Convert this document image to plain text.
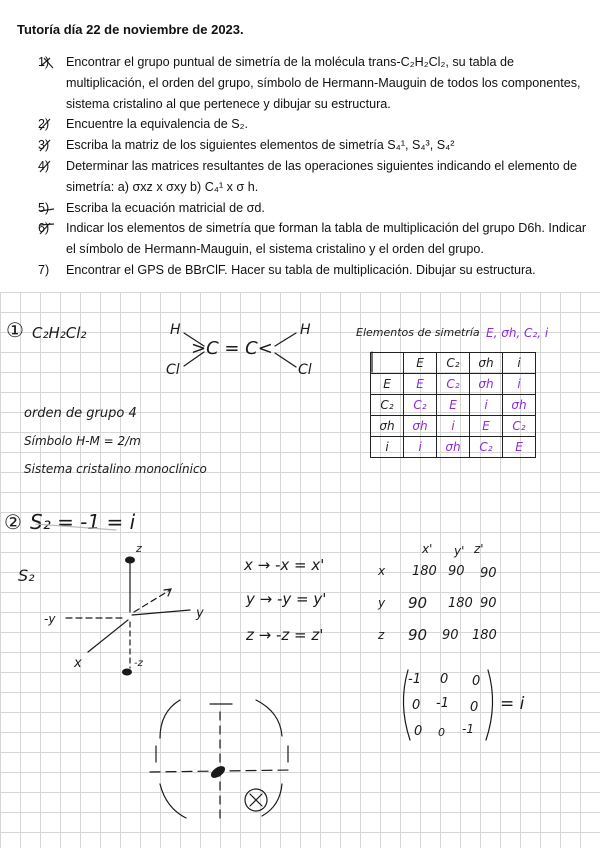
Tutoría día 22 de noviembre de 2023.
1) Encontrar el grupo puntual de simetría de la molécula trans-C₂H₂Cl₂, su tabla de multiplicación, el orden del grupo, símbolo de Hermann-Mauguin de todos los componentes, sistema cristalino al que pertenece y dibujar su estructura.
2) Encuentre la equivalencia de S₂.
3) Escriba la matriz de los siguientes elementos de simetría S₄¹, S₄³, S₄²
4) Determinar las matrices resultantes de las operaciones siguientes indicando el elemento de simetría: a) σxz x σxy b) C₄¹ x σ h.
5) Escriba la ecuación matricial de σd.
6) Indicar los elementos de simetría que forman la tabla de multiplicación del grupo D6h. Indicar el símbolo de Hermann-Mauguin, el sistema cristalino y el orden del grupo.
7) Encontrar el GPS de BBrClF. Hacer su tabla de multiplicación. Dibujar su estructura.
① C₂H₂Cl₂	H
Cl
>C = C<
H
Cl
Elementos de simetría E, σh, C₂, i
	E	C₂	σh	i
E	E	C₂	σh	i
C₂	C₂	E	i	σh
σh	σh	i	E	C₂
i	i	σh	C₂	E
orden de grupo 4
Símbolo H-M = 2/m
Sistema cristalino monoclínico
② S₂ = -1 = i
S₂
z
-y	y
x	-z
x → -x = x'
y → -y = y'
z → -z = z'
x' y' z'
x 180 90 90
y 90 180 90
z 90 90 180
-1 0 0
0 -1 0
0 0 -1
= i
